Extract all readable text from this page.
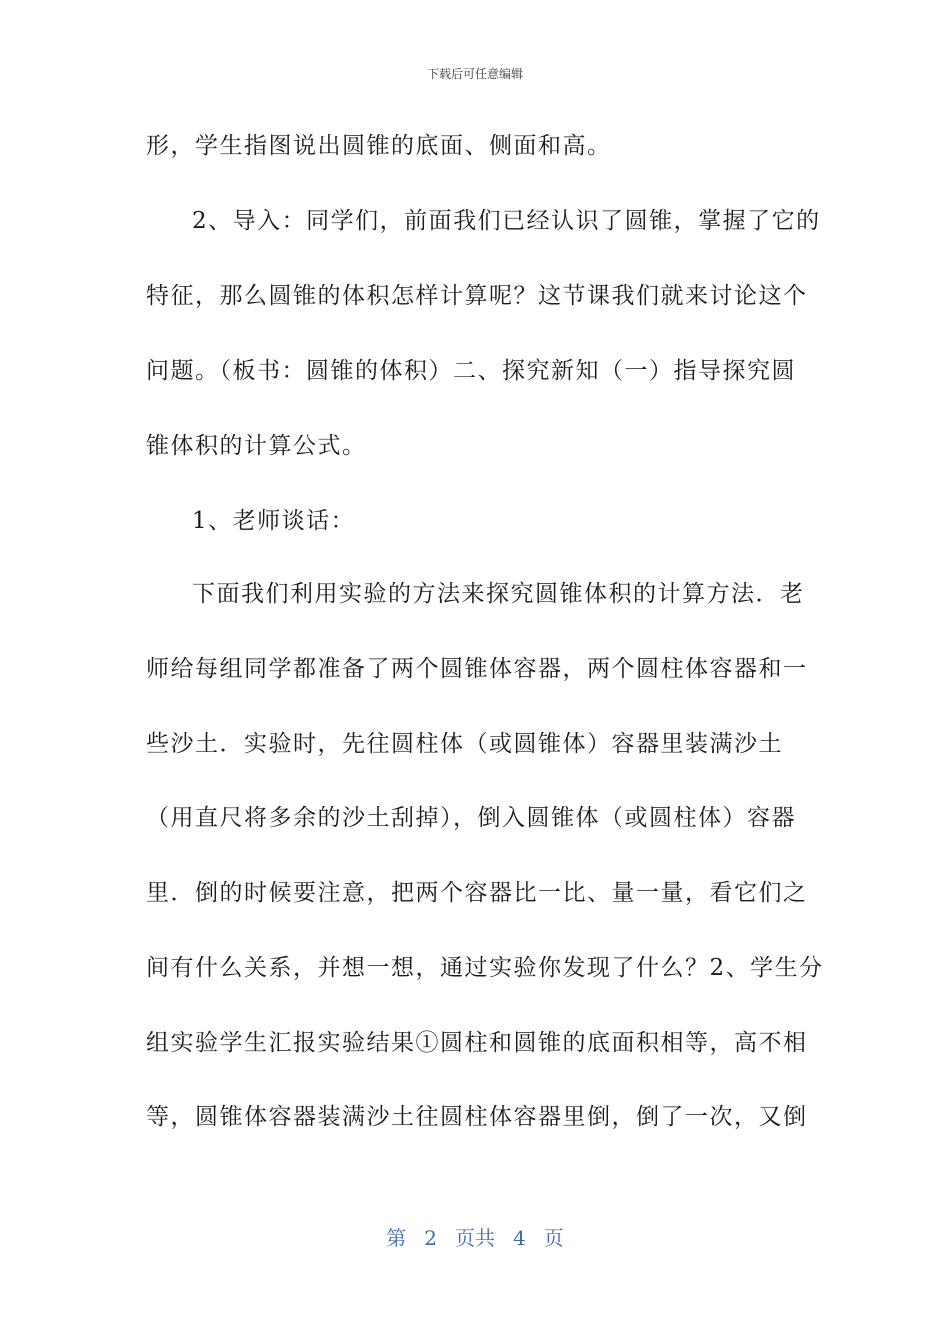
下载后可任意编辑
形，学生指图说出圆锥的底面、侧面和高。
2、导入：同学们，前面我们已经认识了圆锥，掌握了它的
特征，那么圆锥的体积怎样计算呢？这节课我们就来讨论这个
问题。（板书：圆锥的体积）二、探究新知（一）指导探究圆
锥体积的计算公式。
1、老师谈话：
下面我们利用实验的方法来探究圆锥体积的计算方法．老
师给每组同学都准备了两个圆锥体容器，两个圆柱体容器和一
些沙土．实验时，先往圆柱体（或圆锥体）容器里装满沙土
（用直尺将多余的沙土刮掉），倒入圆锥体（或圆柱体）容器
里．倒的时候要注意，把两个容器比一比、量一量，看它们之
间有什么关系，并想一想，通过实验你发现了什么？2、学生分
组实验学生汇报实验结果①圆柱和圆锥的底面积相等，高不相
等，圆锥体容器装满沙土往圆柱体容器里倒，倒了一次，又倒
第 2 页共 4 页
